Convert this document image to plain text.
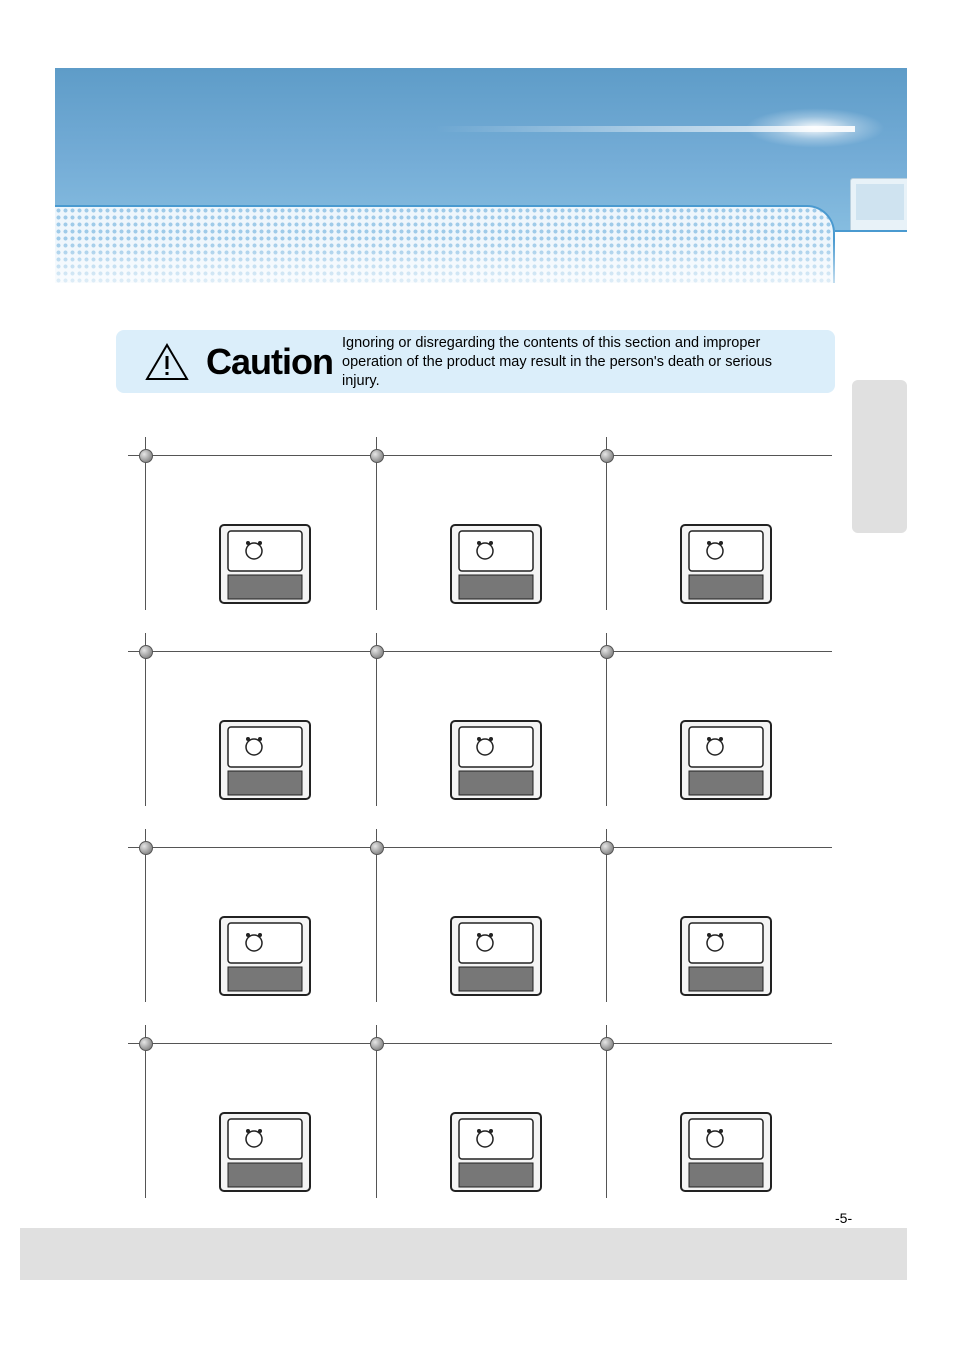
Caution Ignoring or disregarding the contents of this section and improper operation of the product may result in the person's death or serious injury.
-5-
